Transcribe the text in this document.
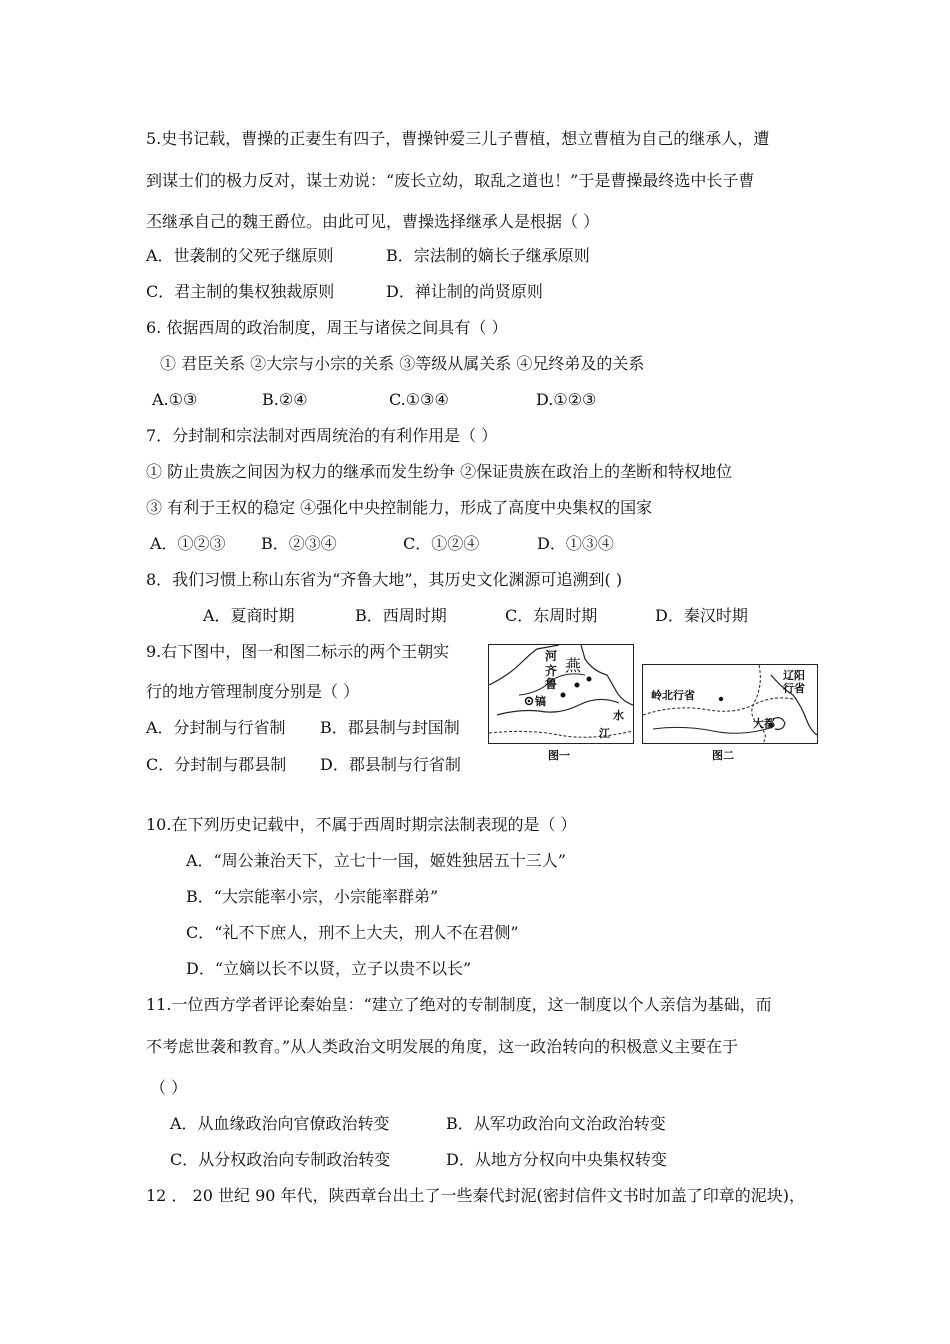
5.史书记载，曹操的正妻生有四子，曹操钟爱三儿子曹植，想立曹植为自己的继承人，遭
到谋士们的极力反对，谋士劝说：“废长立幼，取乱之道也！”于是曹操最终选中长子曹
丕继承自己的魏王爵位。由此可见，曹操选择继承人是根据（ ）
A．世袭制的父死子继原则	B．宗法制的嫡长子继承原则
C．君主制的集权独裁原则	D．禅让制的尚贤原则
6. 依据西周的政治制度，周王与诸侯之间具有（ ）
① 君臣关系 ②大宗与小宗的关系 ③等级从属关系 ④兄终弟及的关系
A.①③	B.②④	C.①③④	D.①②③
7．分封制和宗法制对西周统治的有利作用是（ ）
① 防止贵族之间因为权力的继承而发生纷争 ②保证贵族在政治上的垄断和特权地位
③ 有利于王权的稳定 ④强化中央控制能力，形成了高度中央集权的国家
A．①②③ B．②③④	C．①②④	D．①③④
8．我们习惯上称山东省为“齐鲁大地”，其历史文化渊源可追溯到( )
A．夏商时期	B．西周时期	C．东周时期	D．秦汉时期
9.右下图中，图一和图二标示的两个王朝实
行的地方管理制度分别是（ ）
A．分封制与行省制 B．郡县制与封国制
C．分封制与郡县制 D．郡县制与行省制
河 燕
齐
鲁
镐
水
江
图一
岭北行省
辽阳行省
大都
图二
10.在下列历史记载中，不属于西周时期宗法制表现的是（ ）
A．“周公兼治天下，立七十一国，姬姓独居五十三人”
B．“大宗能率小宗，小宗能率群弟”
C．“礼不下庶人，刑不上大夫，刑人不在君侧”
D．“立嫡以长不以贤，立子以贵不以长”
11.一位西方学者评论秦始皇：“建立了绝对的专制制度，这一制度以个人亲信为基础，而
不考虑世袭和教育。”从人类政治文明发展的角度，这一政治转向的积极意义主要在于
（ ）
A．从血缘政治向官僚政治转变	B．从军功政治向文治政治转变
C．从分权政治向专制政治转变	D．从地方分权向中央集权转变
12 ． 20 世纪 90 年代，陕西章台出土了一些秦代封泥(密封信件文书时加盖了印章的泥块)，
